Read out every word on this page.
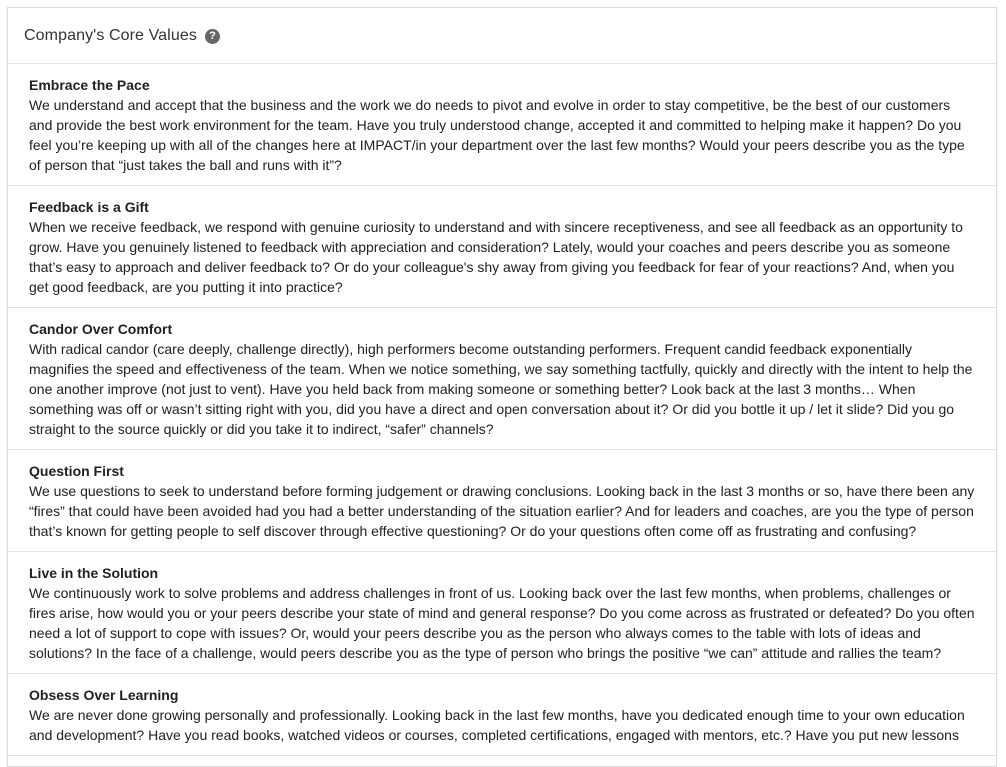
Company's Core Values	?
Embrace the Pace
We understand and accept that the business and the work we do needs to pivot and evolve in order to stay competitive, be the best of our customers and provide the best work environment for the team. Have you truly understood change, accepted it and committed to helping make it happen? Do you feel you’re keeping up with all of the changes here at IMPACT/in your department over the last few months? Would your peers describe you as the type of person that “just takes the ball and runs with it”?
Feedback is a Gift
When we receive feedback, we respond with genuine curiosity to understand and with sincere receptiveness, and see all feedback as an opportunity to grow. Have you genuinely listened to feedback with appreciation and consideration? Lately, would your coaches and peers describe you as someone that’s easy to approach and deliver feedback to? Or do your colleague's shy away from giving you feedback for fear of your reactions? And, when you get good feedback, are you putting it into practice?
Candor Over Comfort
With radical candor (care deeply, challenge directly), high performers become outstanding performers. Frequent candid feedback exponentially magnifies the speed and effectiveness of the team. When we notice something, we say something tactfully, quickly and directly with the intent to help the one another improve (not just to vent). Have you held back from making someone or something better? Look back at the last 3 months… When something was off or wasn’t sitting right with you, did you have a direct and open conversation about it? Or did you bottle it up / let it slide? Did you go straight to the source quickly or did you take it to indirect, “safer” channels?
Question First
We use questions to seek to understand before forming judgement or drawing conclusions. Looking back in the last 3 months or so, have there been any “fires” that could have been avoided had you had a better understanding of the situation earlier? And for leaders and coaches, are you the type of person that’s known for getting people to self discover through effective questioning? Or do your questions often come off as frustrating and confusing?
Live in the Solution
We continuously work to solve problems and address challenges in front of us. Looking back over the last few months, when problems, challenges or fires arise, how would you or your peers describe your state of mind and general response? Do you come across as frustrated or defeated? Do you often need a lot of support to cope with issues? Or, would your peers describe you as the person who always comes to the table with lots of ideas and solutions? In the face of a challenge, would peers describe you as the type of person who brings the positive “we can” attitude and rallies the team?
Obsess Over Learning
We are never done growing personally and professionally. Looking back in the last few months, have you dedicated enough time to your own education and development? Have you read books, watched videos or courses, completed certifications, engaged with mentors, etc.? Have you put new lessons
